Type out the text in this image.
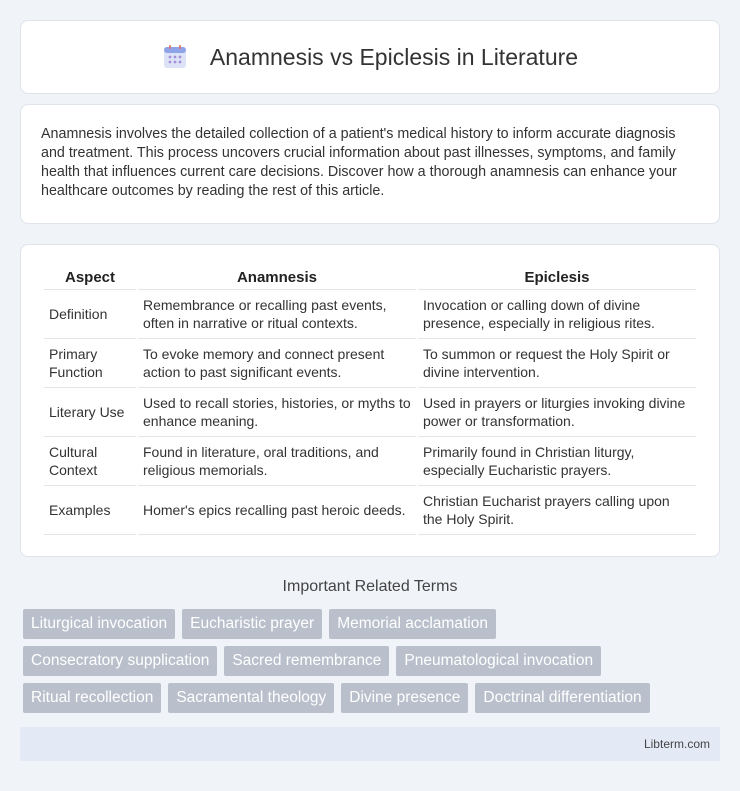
Anamnesis vs Epiclesis in Literature

Anamnesis involves the detailed collection of a patient's medical history to inform accurate diagnosis and treatment. This process uncovers crucial information about past illnesses, symptoms, and family health that influences current care decisions. Discover how a thorough anamnesis can enhance your healthcare outcomes by reading the rest of this article.

Aspect	Anamnesis	Epiclesis
Definition	Remembrance or recalling past events, often in narrative or ritual contexts.	Invocation or calling down of divine presence, especially in religious rites.
Primary Function	To evoke memory and connect present action to past significant events.	To summon or request the Holy Spirit or divine intervention.
Literary Use	Used to recall stories, histories, or myths to enhance meaning.	Used in prayers or liturgies invoking divine power or transformation.
Cultural Context	Found in literature, oral traditions, and religious memorials.	Primarily found in Christian liturgy, especially Eucharistic prayers.
Examples	Homer's epics recalling past heroic deeds.	Christian Eucharist prayers calling upon the Holy Spirit.
Important Related Terms
Liturgical invocation	Eucharistic prayer	Memorial acclamation
Consecratory supplication	Sacred remembrance	Pneumatological invocation
Ritual recollection	Sacramental theology	Divine presence	Doctrinal differentiation
Libterm.com
